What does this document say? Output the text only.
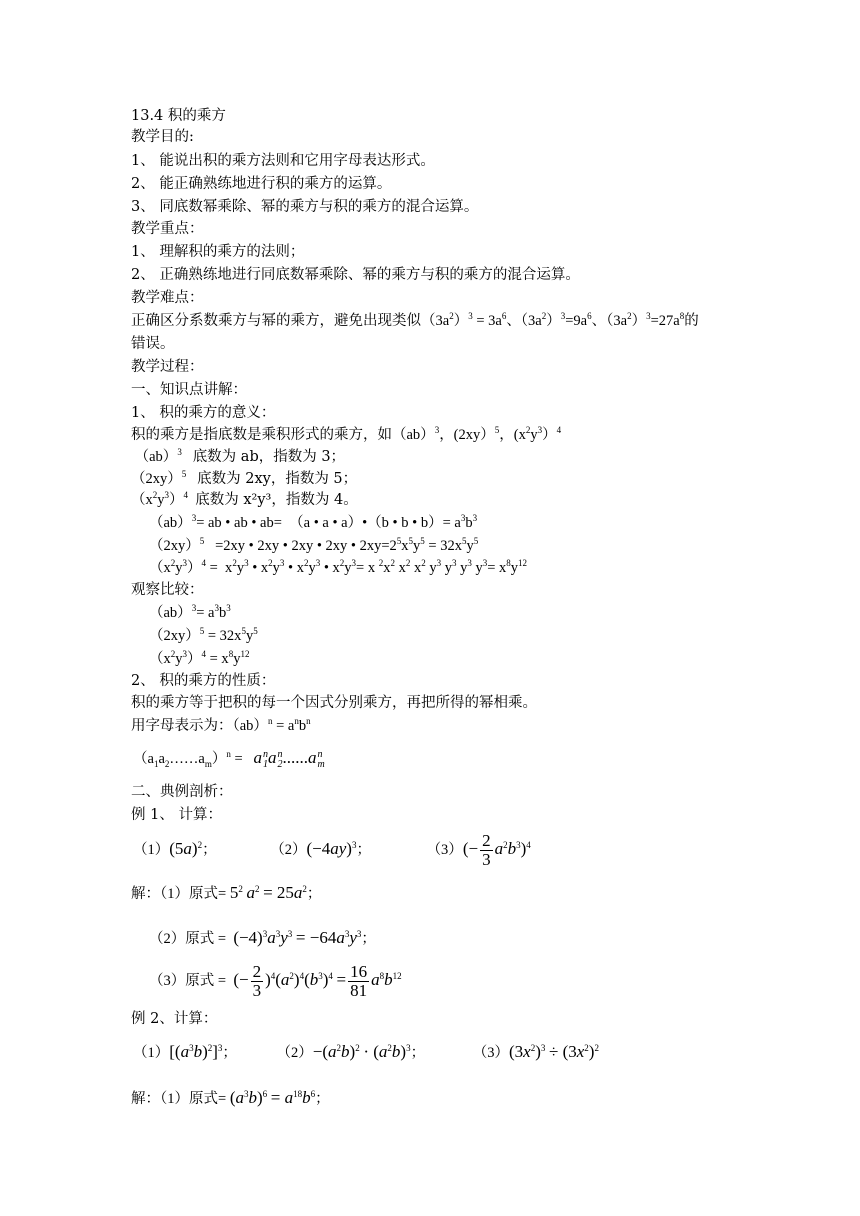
13.4 积的乘方
教学目的:
1、 能说出积的乘方法则和它用字母表达形式。
2、 能正确熟练地进行积的乘方的运算。
3、 同底数幂乘除、幂的乘方与积的乘方的混合运算。
教学重点：
1、 理解积的乘方的法则；
2、 正确熟练地进行同底数幂乘除、幂的乘方与积的乘方的混合运算。
教学难点：
正确区分系数乘方与幂的乘方，避免出现类似$(3a^2)^3 = 3a^6$、$(3a^2)^3=9a^6$、$(3a^2)^3=27a^8$的
错误。
教学过程：
一、知识点讲解：
1、 积的乘方的意义：
积的乘方是指底数是乘积形式的乘方，如（ab）$^3$，(2xy）$^5$，$(x^2y^3)^4$
（ab）$^3$ 底数为 ab，指数为 3；
$(2xy)^5$ 底数为 2xy，指数为 5；
$(x^2y^3)^4$ 底数为 x²y³，指数为 4。
（ab）$^3$= ab • ab • ab=  （a • a • a）•（b • b • $b)= a^3b^3$
$(2xy)^5 =2xy$ • 2xy • 2xy • 2xy • $2xy=2^5x^5y^5 = 32x^5y^5$
$(x^2y^3)^4 = x^2y^3$ • $x^2y^3$ • $x^2y^3$ • $x^2y^3= x$ $^2x^2$ $x^2$ $x^2$ $y^3$ $y^3$ $y^3$ $y^3= x^8y^{12}$
观察比较：
$(ab)^3= a^3b^3$
$(2xy)^5 = 32x^5y^5$
$(x^2y^3)^4 = x^8y^{12}$
2、 积的乘方的性质：
积的乘方等于把积的每一个因式分别乘方，再把所得的幂相乘。
用字母表示为：$(ab)^n = a^nb^n$
$(a_1a_2\dots\dots a_m)^n = a$ n
1 a n
2 ......a n
m
二、典例剖析：
例 1、 计算：
$(1)(5a)^2$；	$(2)(-4ay)^3$；	$(3)(- \frac{2}{3} a^2b^3)^4$
解：（1）原式= $5^2$ $a^2 = 25a^2$；
（2）原式 = $(-4)^3a^3y^3 = -64a^3y^3$；
（3）原式 = (− $\frac{2}{3} )^4(a^2)^4(b^3)^4 = \frac{16}{81} a^8b^{12}$
例 2、计算：
$(1)[(a^3b)^2]^3$； $(2)-(a^2b)^2 \cdot (a^2b)^3$；	$(3)(3x^2)^3 \div (3x^2)^2$
解：（1）原式= $(a^3b)^6 = a^{18}b^6$；
